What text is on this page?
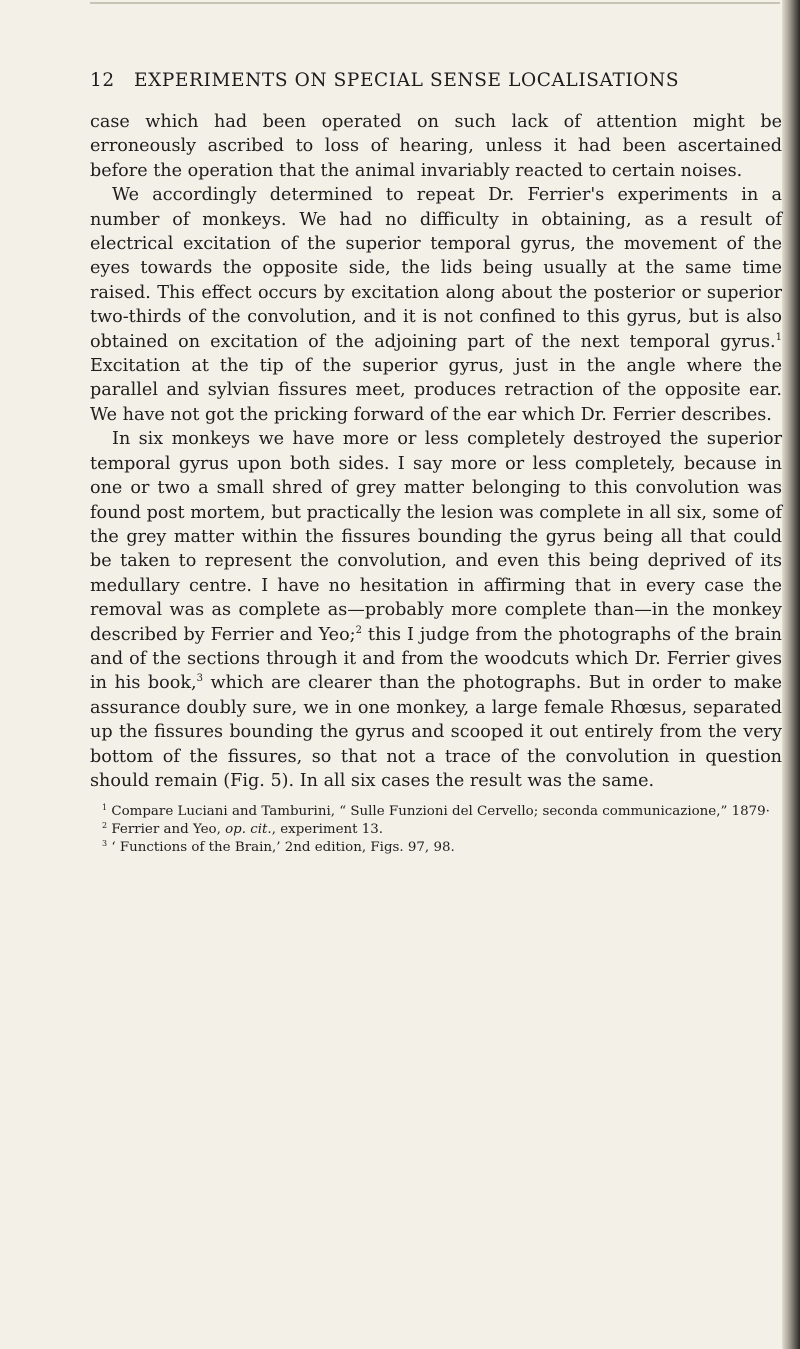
12	EXPERIMENTS ON SPECIAL SENSE LOCALISATIONS

case which had been operated on such lack of attention might be erroneously ascribed to loss of hearing, unless it had been ascertained before the operation that the animal invariably reacted to certain noises.

We accordingly determined to repeat Dr. Ferrier's experiments in a number of monkeys. We had no difficulty in obtaining, as a result of electrical excitation of the superior temporal gyrus, the movement of the eyes towards the opposite side, the lids being usually at the same time raised. This effect occurs by excitation along about the posterior or superior two-thirds of the convolution, and it is not confined to this gyrus, but is also obtained on excitation of the adjoining part of the next temporal gyrus.$^1$ Excitation at the tip of the superior gyrus, just in the angle where the parallel and sylvian fissures meet, produces retraction of the opposite ear. We have not got the pricking forward of the ear which Dr. Ferrier describes.

In six monkeys we have more or less completely destroyed the superior temporal gyrus upon both sides. I say more or less completely, because in one or two a small shred of grey matter belonging to this convolution was found post mortem, but practically the lesion was complete in all six, some of the grey matter within the fissures bounding the gyrus being all that could be taken to represent the convolution, and even this being deprived of its medullary centre. I have no hesitation in affirming that in every case the removal was as complete as—probably more complete than—in the monkey described by Ferrier and Yeo;$^2$ this I judge from the photographs of the brain and of the sections through it and from the woodcuts which Dr. Ferrier gives in his book,$^3$ which are clearer than the photographs. But in order to make assurance doubly sure, we in one monkey, a large female Rhœsus, separated up the fissures bounding the gyrus and scooped it out entirely from the very bottom of the fissures, so that not a trace of the convolution in question should remain (Fig. 5). In all six cases the result was the same.

$^1$ Compare Luciani and Tamburini, “ Sulle Funzioni del Cervello; seconda communicazione,” 1879·

$^2$ Ferrier and Yeo, op. cit., experiment 13.

$^3$ ‘ Functions of the Brain,’ 2nd edition, Figs. 97, 98.
